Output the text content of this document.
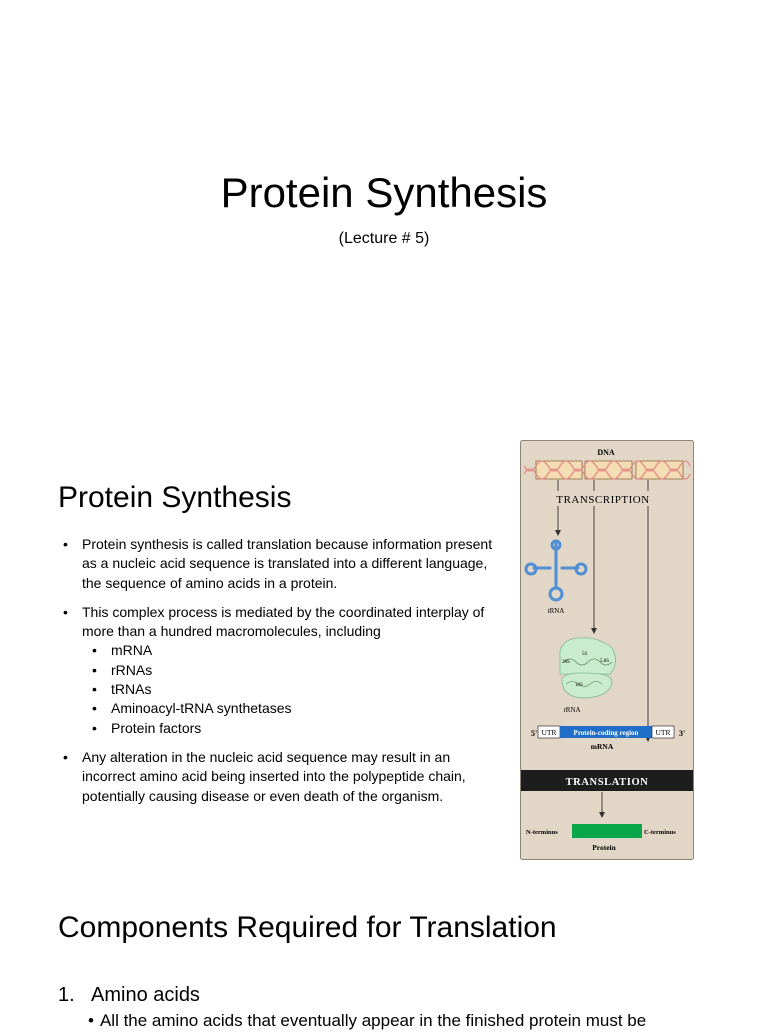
Protein Synthesis
(Lecture # 5)
Protein Synthesis
• Protein synthesis is called translation because information present as a nucleic acid sequence is translated into a different language, the sequence of amino acids in a protein.
• This complex process is mediated by the coordinated interplay of more than a hundred macromolecules, including
• mRNA
• rRNAs
• tRNAs
• Aminoacyl-tRNA synthetases
• Protein factors
• Any alteration in the nucleic acid sequence may result in an incorrect amino acid being inserted into the polypeptide chain, potentially causing disease or even death of the organism.
DNA
TRANSCRIPTION
tRNA
28S
5S
5.8S
18S
rRNA
5' UTR Protein-coding region UTR 3'
mRNA
TRANSLATION
N-terminus	C-terminus
Protein
Components Required for Translation
1. Amino acids
• All the amino acids that eventually appear in the finished protein must be
